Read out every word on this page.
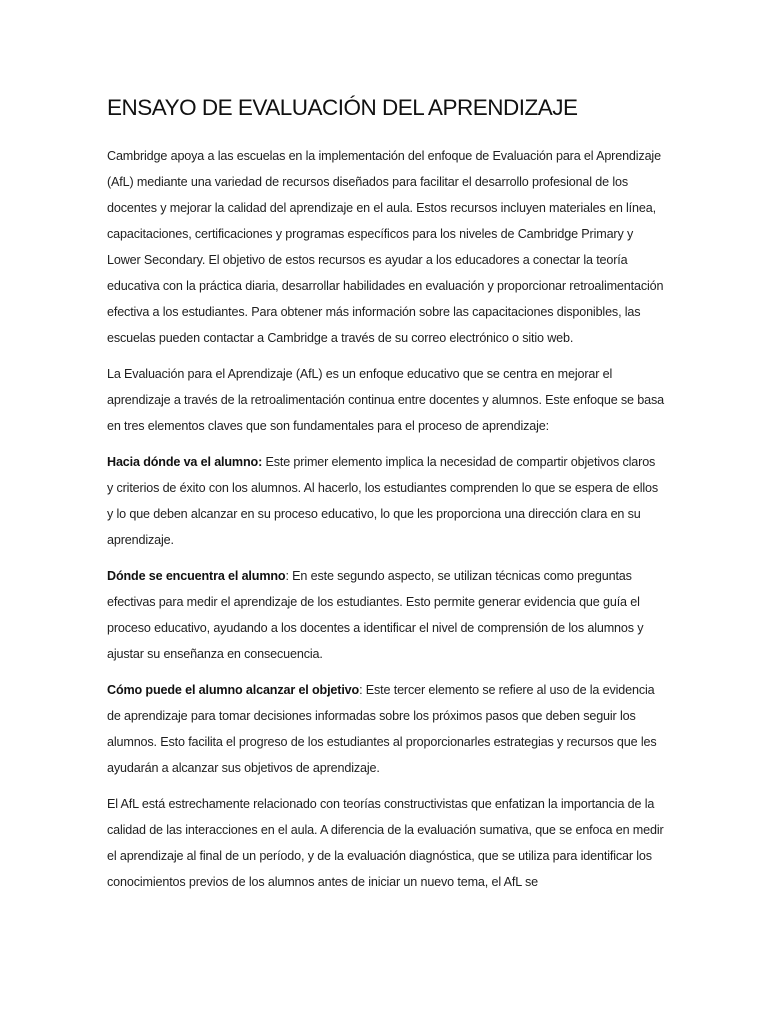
ENSAYO DE EVALUACIÓN DEL APRENDIZAJE

Cambridge apoya a las escuelas en la implementación del enfoque de Evaluación para el Aprendizaje (AfL) mediante una variedad de recursos diseñados para facilitar el desarrollo profesional de los docentes y mejorar la calidad del aprendizaje en el aula. Estos recursos incluyen materiales en línea, capacitaciones, certificaciones y programas específicos para los niveles de Cambridge Primary y Lower Secondary. El objetivo de estos recursos es ayudar a los educadores a conectar la teoría educativa con la práctica diaria, desarrollar habilidades en evaluación y proporcionar retroalimentación efectiva a los estudiantes. Para obtener más información sobre las capacitaciones disponibles, las escuelas pueden contactar a Cambridge a través de su correo electrónico o sitio web.

La Evaluación para el Aprendizaje (AfL) es un enfoque educativo que se centra en mejorar el aprendizaje a través de la retroalimentación continua entre docentes y alumnos. Este enfoque se basa en tres elementos claves que son fundamentales para el proceso de aprendizaje:

Hacia dónde va el alumno: Este primer elemento implica la necesidad de compartir objetivos claros y criterios de éxito con los alumnos. Al hacerlo, los estudiantes comprenden lo que se espera de ellos y lo que deben alcanzar en su proceso educativo, lo que les proporciona una dirección clara en su aprendizaje.

Dónde se encuentra el alumno: En este segundo aspecto, se utilizan técnicas como preguntas efectivas para medir el aprendizaje de los estudiantes. Esto permite generar evidencia que guía el proceso educativo, ayudando a los docentes a identificar el nivel de comprensión de los alumnos y ajustar su enseñanza en consecuencia.

Cómo puede el alumno alcanzar el objetivo: Este tercer elemento se refiere al uso de la evidencia de aprendizaje para tomar decisiones informadas sobre los próximos pasos que deben seguir los alumnos. Esto facilita el progreso de los estudiantes al proporcionarles estrategias y recursos que les ayudarán a alcanzar sus objetivos de aprendizaje.

El AfL está estrechamente relacionado con teorías constructivistas que enfatizan la importancia de la calidad de las interacciones en el aula. A diferencia de la evaluación sumativa, que se enfoca en medir el aprendizaje al final de un período, y de la evaluación diagnóstica, que se utiliza para identificar los conocimientos previos de los alumnos antes de iniciar un nuevo tema, el AfL se
